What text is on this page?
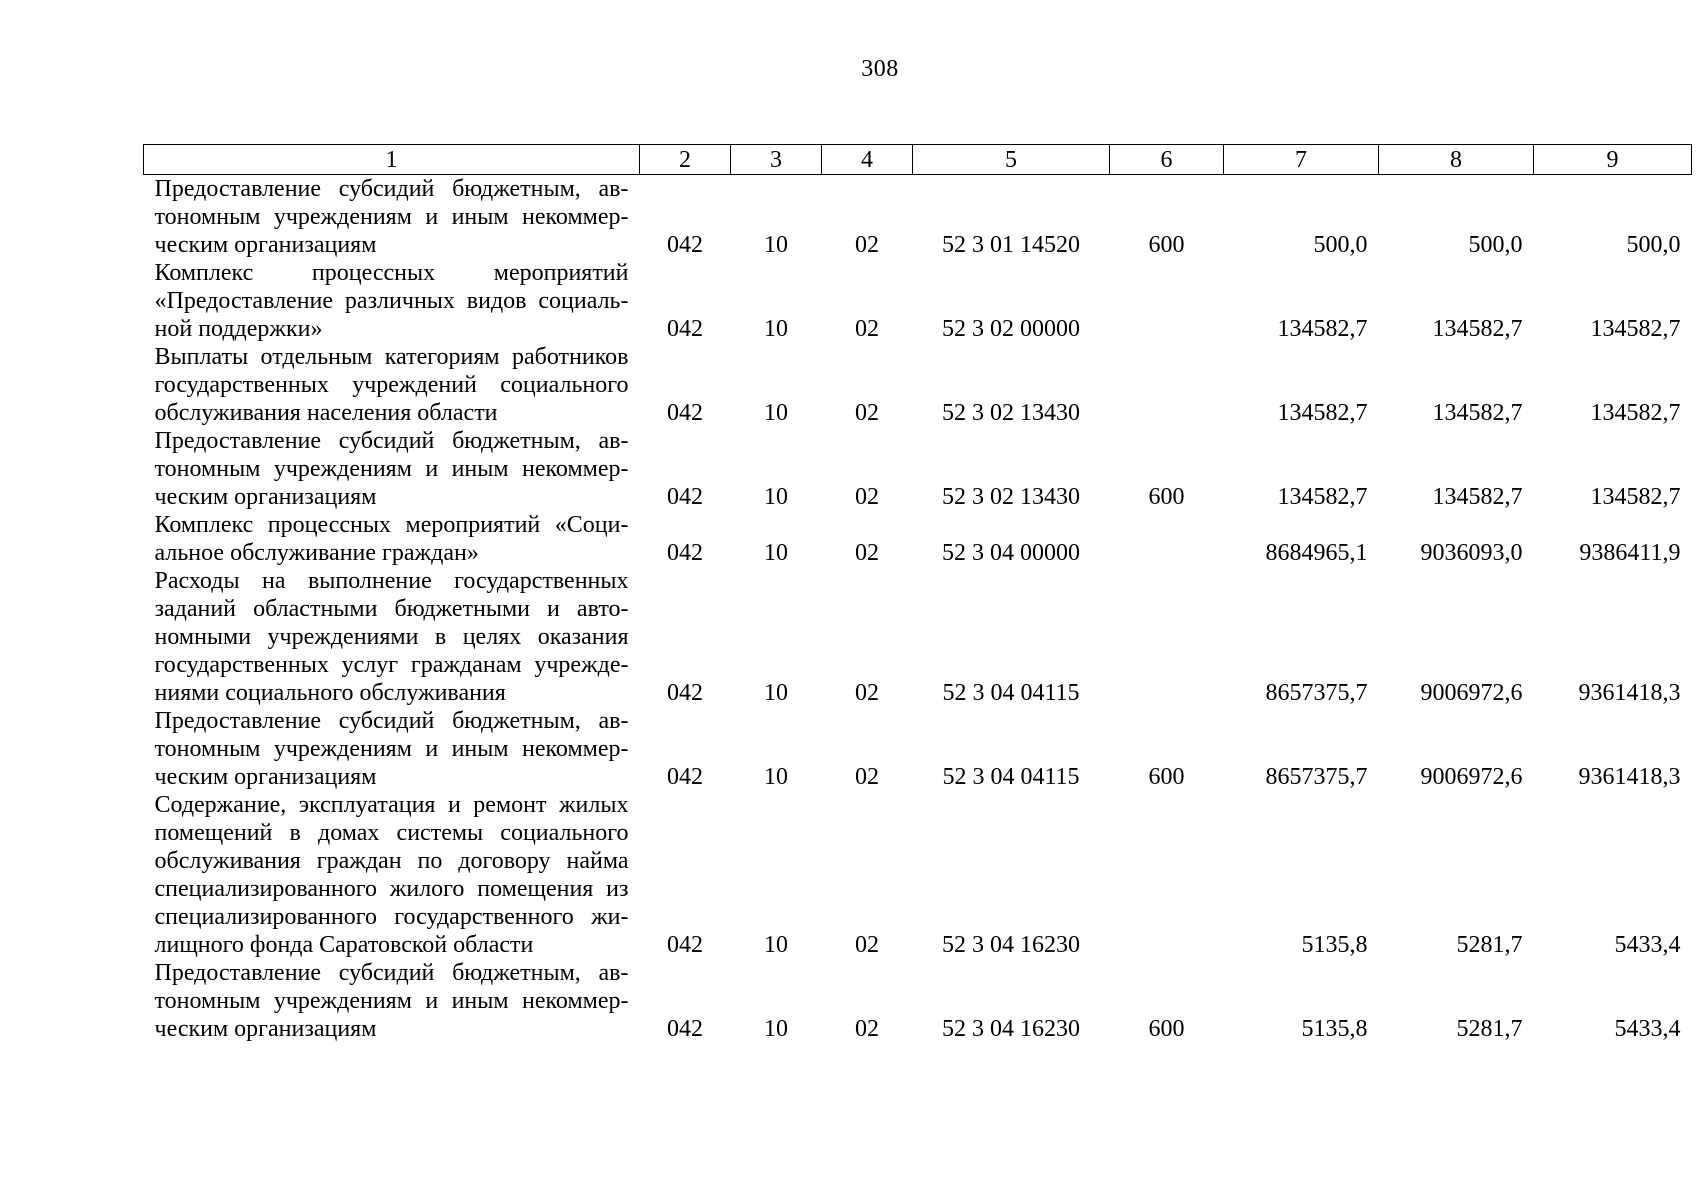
308
1	2	3	4	5	6	7	8	9
Предоставление субсидий бюджетным, автономным учреждениям и иным некоммерческим организациям	042	10	02	52 3 01 14520	600	500,0	500,0	500,0
Комплекс процессных мероприятий «Предоставление различных видов социальной поддержки»	042	10	02	52 3 02 00000		134582,7	134582,7	134582,7
Выплаты отдельным категориям работников государственных учреждений социального обслуживания населения области	042	10	02	52 3 02 13430		134582,7	134582,7	134582,7
Предоставление субсидий бюджетным, автономным учреждениям и иным некоммерческим организациям	042	10	02	52 3 02 13430	600	134582,7	134582,7	134582,7
Комплекс процессных мероприятий «Социальное обслуживание граждан»	042	10	02	52 3 04 00000		8684965,1	9036093,0	9386411,9
Расходы на выполнение государственных заданий областными бюджетными и автономными учреждениями в целях оказания государственных услуг гражданам учреждениями социального обслуживания	042	10	02	52 3 04 04115		8657375,7	9006972,6	9361418,3
Предоставление субсидий бюджетным, автономным учреждениям и иным некоммерческим организациям	042	10	02	52 3 04 04115	600	8657375,7	9006972,6	9361418,3
Содержание, эксплуатация и ремонт жилых помещений в домах системы социального обслуживания граждан по договору найма специализированного жилого помещения из специализированного государственного жилищного фонда Саратовской области	042	10	02	52 3 04 16230		5135,8	5281,7	5433,4
Предоставление субсидий бюджетным, автономным учреждениям и иным некоммерческим организациям	042	10	02	52 3 04 16230	600	5135,8	5281,7	5433,4
